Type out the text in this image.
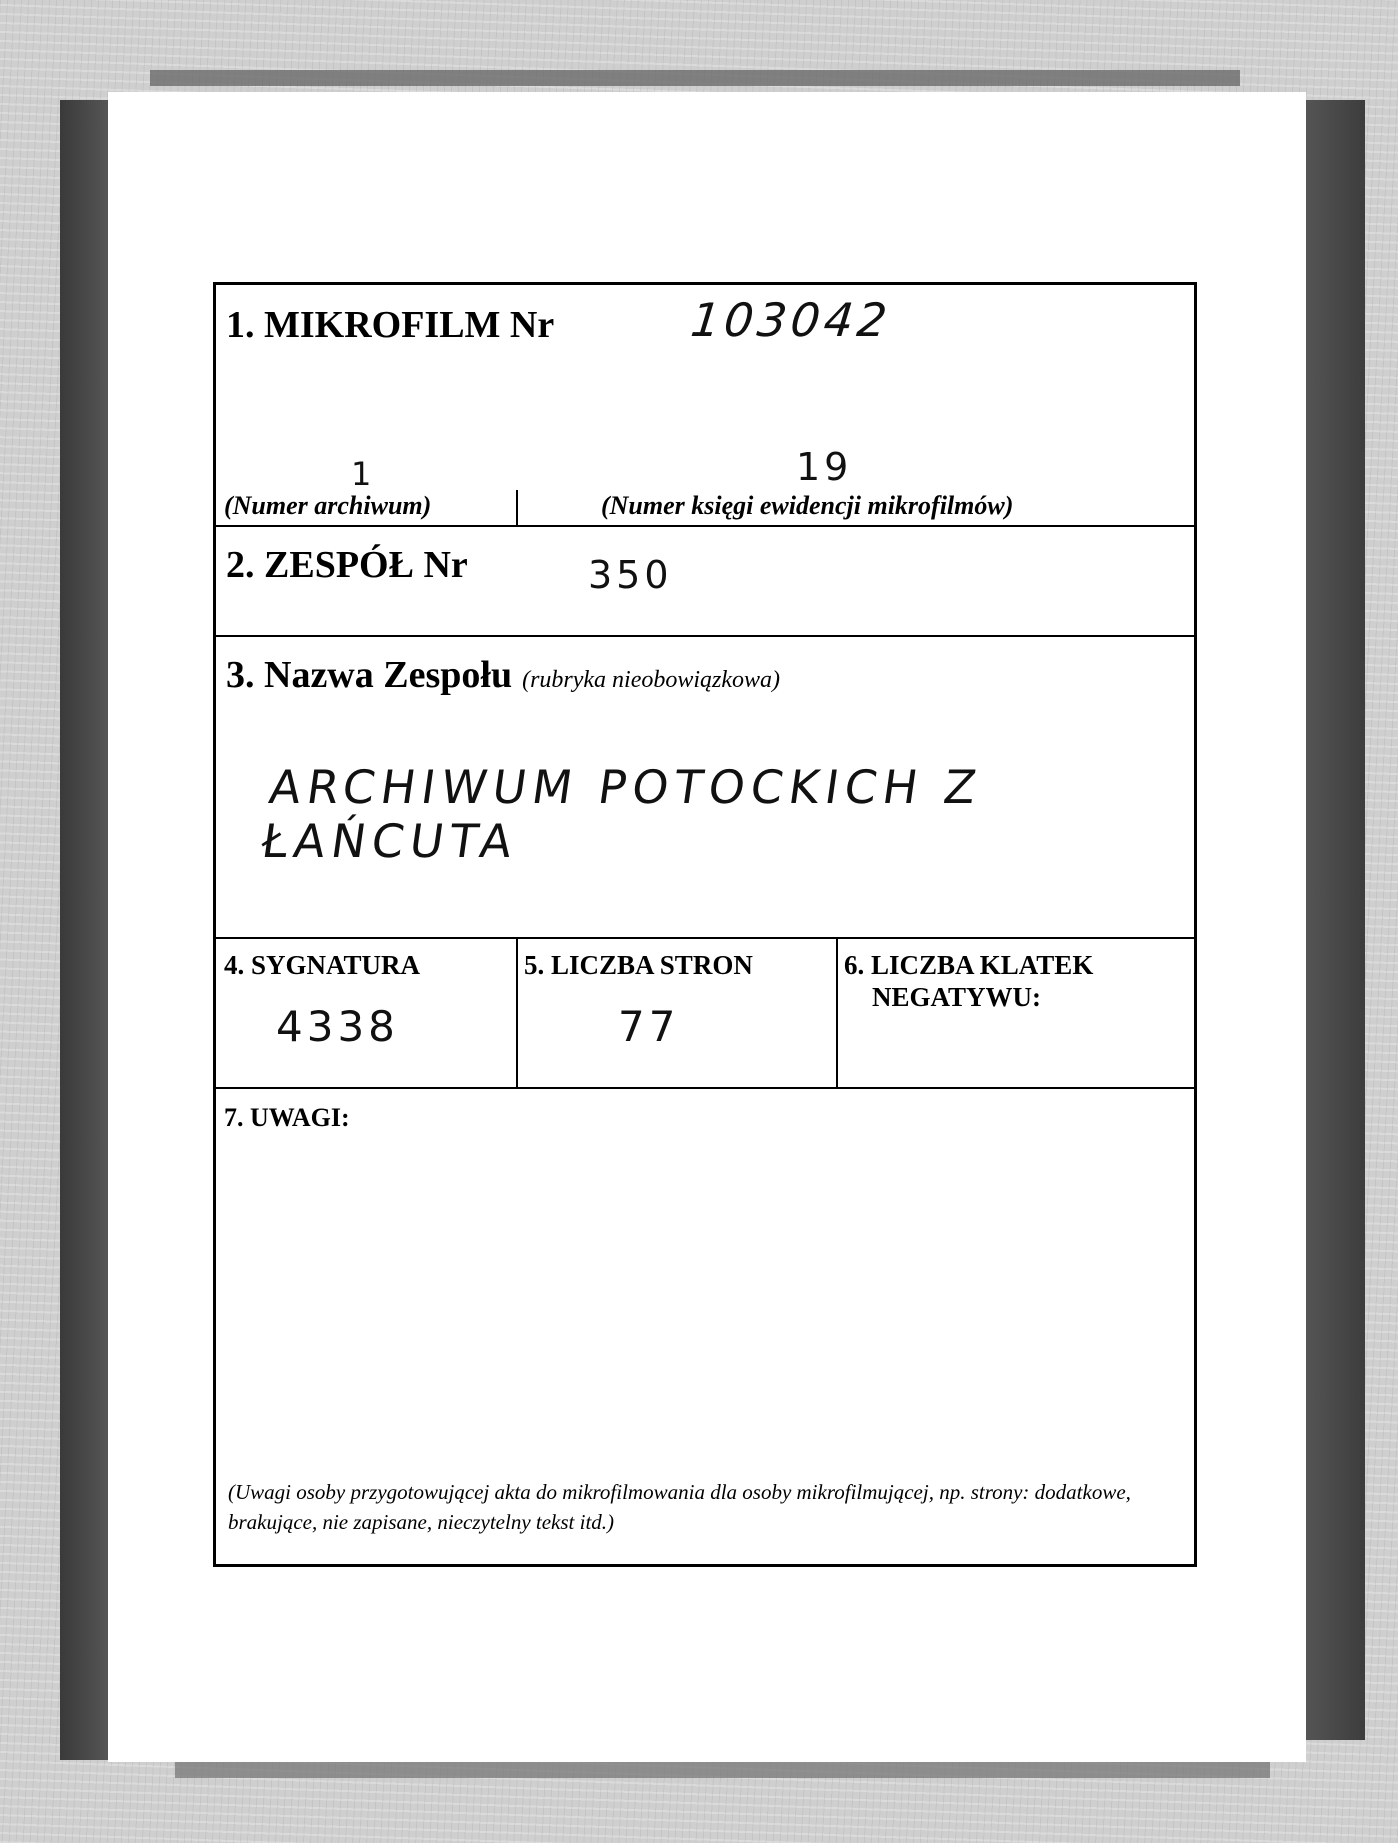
1. MIKROFILM Nr	103042
1	19
(Numer archiwum)	(Numer księgi ewidencji mikrofilmów)
2. ZESPÓŁ Nr	350
3. Nazwa Zespołu (rubryka nieobowiązkowa)
ARCHIWUM POTOCKICH Z ŁAŃCUTA
4. SYGNATURA
4338
5. LICZBA STRON
77
6. LICZBA KLATEK
NEGATYWU:
7. UWAGI:
(Uwagi osoby przygotowującej akta do mikrofilmowania dla osoby mikrofilmującej, np. strony: dodatkowe, brakujące, nie zapisane, nieczytelny tekst itd.)
